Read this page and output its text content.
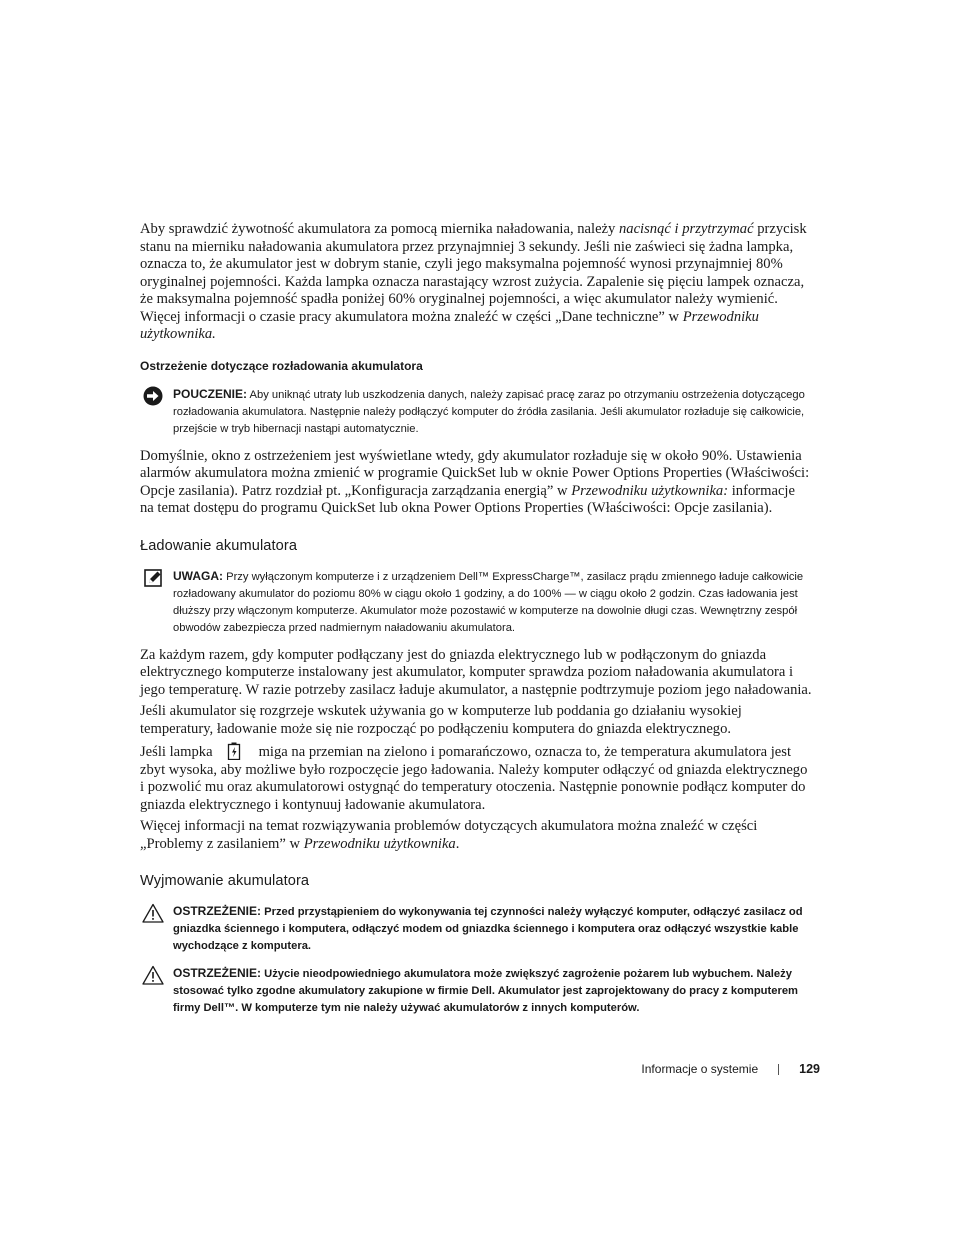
Aby sprawdzić żywotność akumulatora za pomocą miernika naładowania, należy nacisnąć i przytrzymać przycisk stanu na mierniku naładowania akumulatora przez przynajmniej 3 sekundy. Jeśli nie zaświeci się żadna lampka, oznacza to, że akumulator jest w dobrym stanie, czyli jego maksymalna pojemność wynosi przynajmniej 80% oryginalnej pojemności. Każda lampka oznacza narastający wzrost zużycia. Zapalenie się pięciu lampek oznacza, że maksymalna pojemność spadła poniżej 60% oryginalnej pojemności, a więc akumulator należy wymienić. Więcej informacji o czasie pracy akumulatora można znaleźć w części „Dane techniczne” w Przewodniku użytkownika.

Ostrzeżenie dotyczące rozładowania akumulatora
POUCZENIE: Aby uniknąć utraty lub uszkodzenia danych, należy zapisać pracę zaraz po otrzymaniu ostrzeżenia dotyczącego rozładowania akumulatora. Następnie należy podłączyć komputer do źródła zasilania. Jeśli akumulator rozładuje się całkowicie, przejście w tryb hibernacji nastąpi automatycznie.

Domyślnie, okno z ostrzeżeniem jest wyświetlane wtedy, gdy akumulator rozładuje się w około 90%. Ustawienia alarmów akumulatora można zmienić w programie QuickSet lub w oknie Power Options Properties (Właściwości: Opcje zasilania). Patrz rozdział pt. „Konfiguracja zarządzania energią” w Przewodniku użytkownika: informacje na temat dostępu do programu QuickSet lub okna Power Options Properties (Właściwości: Opcje zasilania).

Ładowanie akumulatora
UWAGA: Przy wyłączonym komputerze i z urządzeniem Dell™ ExpressCharge™, zasilacz prądu zmiennego ładuje całkowicie rozładowany akumulator do poziomu 80% w ciągu około 1 godziny, a do 100% — w ciągu około 2 godzin. Czas ładowania jest dłuższy przy włączonym komputerze. Akumulator może pozostawić w komputerze na dowolnie długi czas. Wewnętrzny zespół obwodów zabezpiecza przed nadmiernym naładowaniu akumulatora.

Za każdym razem, gdy komputer podłączany jest do gniazda elektrycznego lub w podłączonym do gniazda elektrycznego komputerze instalowany jest akumulator, komputer sprawdza poziom naładowania akumulatora i jego temperaturę. W razie potrzeby zasilacz ładuje akumulator, a następnie podtrzymuje poziom jego naładowania.

Jeśli akumulator się rozgrzeje wskutek używania go w komputerze lub poddania go działaniu wysokiej temperatury, ładowanie może się nie rozpocząć po podłączeniu komputera do gniazda elektrycznego.

Jeśli lampka	miga na przemian na zielono i pomarańczowo, oznacza to, że temperatura akumulatora jest zbyt wysoka, aby możliwe było rozpoczęcie jego ładowania. Należy komputer odłączyć od gniazda elektrycznego i pozwolić mu oraz akumulatorowi ostygnąć do temperatury otoczenia. Następnie ponownie podłącz komputer do gniazda elektrycznego i kontynuuj ładowanie akumulatora.

Więcej informacji na temat rozwiązywania problemów dotyczących akumulatora można znaleźć w części „Problemy z zasilaniem” w Przewodniku użytkownika.

Wyjmowanie akumulatora
OSTRZEŻENIE: Przed przystąpieniem do wykonywania tej czynności należy wyłączyć komputer, odłączyć zasilacz od gniazdka ściennego i komputera, odłączyć modem od gniazdka ściennego i komputera oraz odłączyć wszystkie kable wychodzące z komputera.
OSTRZEŻENIE: Użycie nieodpowiedniego akumulatora może zwiększyć zagrożenie pożarem lub wybuchem. Należy stosować tylko zgodne akumulatory zakupione w firmie Dell. Akumulator jest zaprojektowany do pracy z komputerem firmy Dell™. W komputerze tym nie należy używać akumulatorów z innych komputerów.
Informacje o systemie	129
